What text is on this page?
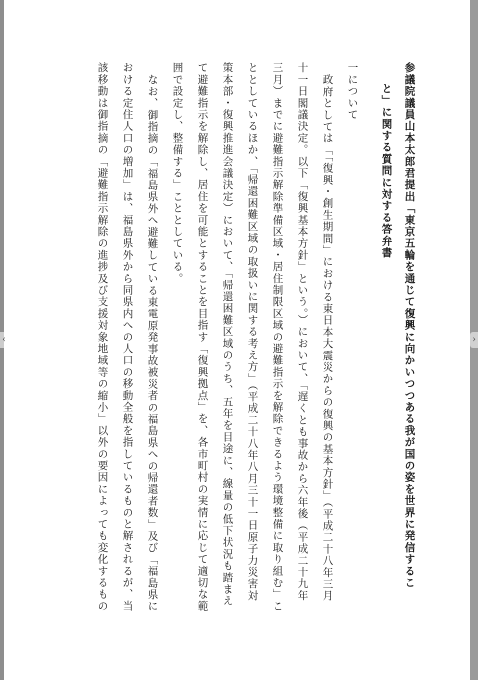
参議院議員山本太郎君提出「東京五輪を通じて復興に向かいつつある我が国の姿を世界に発信するこ
と」に関する質問に対する答弁書
一について
政府としては「「復興・創生期間」における東日本大震災からの復興の基本方針」（平成二十八年三月
十一日閣議決定。以下「復興基本方針」という。）において、「遅くとも事故から六年後（平成二十九年
三月）までに避難指示解除準備区域・居住制限区域の避難指示を解除できるよう環境整備に取り組む」こ
ととしているほか、「帰還困難区域の取扱いに関する考え方」（平成二十八年八月三十一日原子力災害対
策本部・復興推進会議決定）において、「帰還困難区域のうち、五年を目途に、線量の低下状況も踏まえ
て避難指示を解除し、居住を可能とすることを目指す「復興拠点」を、各市町村の実情に応じて適切な範
囲で設定し、整備する」こととしている。
なお、御指摘の「福島県外へ避難している東電原発事故被災者の福島県への帰還者数」及び「福島県に
おける定住人口の増加」は、福島県外から同県内への人口の移動全般を指しているものと解されるが、当
該移動は御指摘の「避難指示解除の進捗及び支援対象地域等の縮小」以外の要因によっても変化するもの
‹	›
